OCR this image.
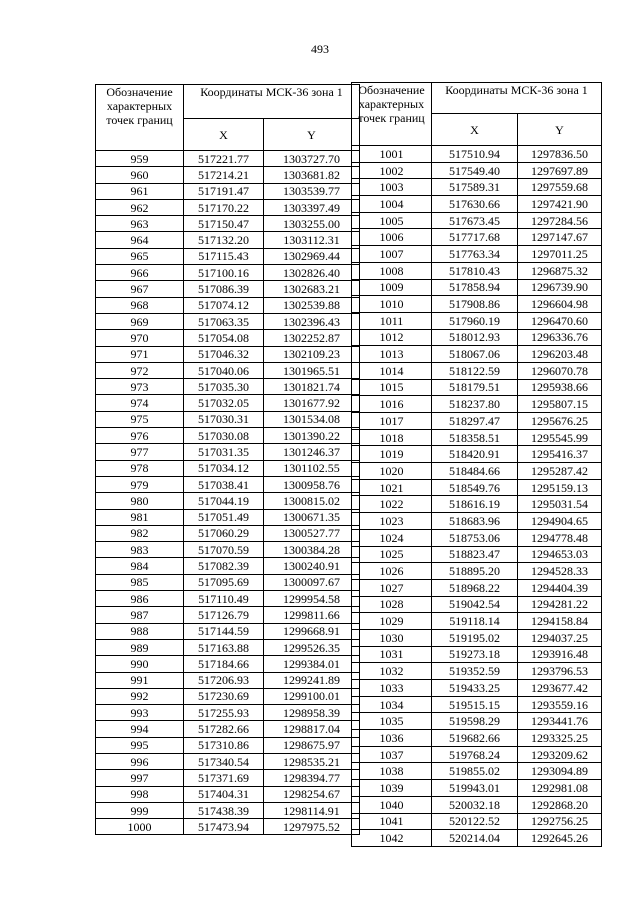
493
Обозначение характерных точек границ	Координаты МСК-36 зона 1	
	X	Y
959	517221.77	1303727.70
960	517214.21	1303681.82
961	517191.47	1303539.77
962	517170.22	1303397.49
963	517150.47	1303255.00
964	517132.20	1303112.31
965	517115.43	1302969.44
966	517100.16	1302826.40
967	517086.39	1302683.21
968	517074.12	1302539.88
969	517063.35	1302396.43
970	517054.08	1302252.87
971	517046.32	1302109.23
972	517040.06	1301965.51
973	517035.30	1301821.74
974	517032.05	1301677.92
975	517030.31	1301534.08
976	517030.08	1301390.22
977	517031.35	1301246.37
978	517034.12	1301102.55
979	517038.41	1300958.76
980	517044.19	1300815.02
981	517051.49	1300671.35
982	517060.29	1300527.77
983	517070.59	1300384.28
984	517082.39	1300240.91
985	517095.69	1300097.67
986	517110.49	1299954.58
987	517126.79	1299811.66
988	517144.59	1299668.91
989	517163.88	1299526.35
990	517184.66	1299384.01
991	517206.93	1299241.89
992	517230.69	1299100.01
993	517255.93	1298958.39
994	517282.66	1298817.04
995	517310.86	1298675.97
996	517340.54	1298535.21
997	517371.69	1298394.77
998	517404.31	1298254.67
999	517438.39	1298114.91
1000	517473.94	1297975.52
Обозначение характерных точек границ	Координаты МСК-36 зона 1	
	X	Y
1001	517510.94	1297836.50
1002	517549.40	1297697.89
1003	517589.31	1297559.68
1004	517630.66	1297421.90
1005	517673.45	1297284.56
1006	517717.68	1297147.67
1007	517763.34	1297011.25
1008	517810.43	1296875.32
1009	517858.94	1296739.90
1010	517908.86	1296604.98
1011	517960.19	1296470.60
1012	518012.93	1296336.76
1013	518067.06	1296203.48
1014	518122.59	1296070.78
1015	518179.51	1295938.66
1016	518237.80	1295807.15
1017	518297.47	1295676.25
1018	518358.51	1295545.99
1019	518420.91	1295416.37
1020	518484.66	1295287.42
1021	518549.76	1295159.13
1022	518616.19	1295031.54
1023	518683.96	1294904.65
1024	518753.06	1294778.48
1025	518823.47	1294653.03
1026	518895.20	1294528.33
1027	518968.22	1294404.39
1028	519042.54	1294281.22
1029	519118.14	1294158.84
1030	519195.02	1294037.25
1031	519273.18	1293916.48
1032	519352.59	1293796.53
1033	519433.25	1293677.42
1034	519515.15	1293559.16
1035	519598.29	1293441.76
1036	519682.66	1293325.25
1037	519768.24	1293209.62
1038	519855.02	1293094.89
1039	519943.01	1292981.08
1040	520032.18	1292868.20
1041	520122.52	1292756.25
1042	520214.04	1292645.26
